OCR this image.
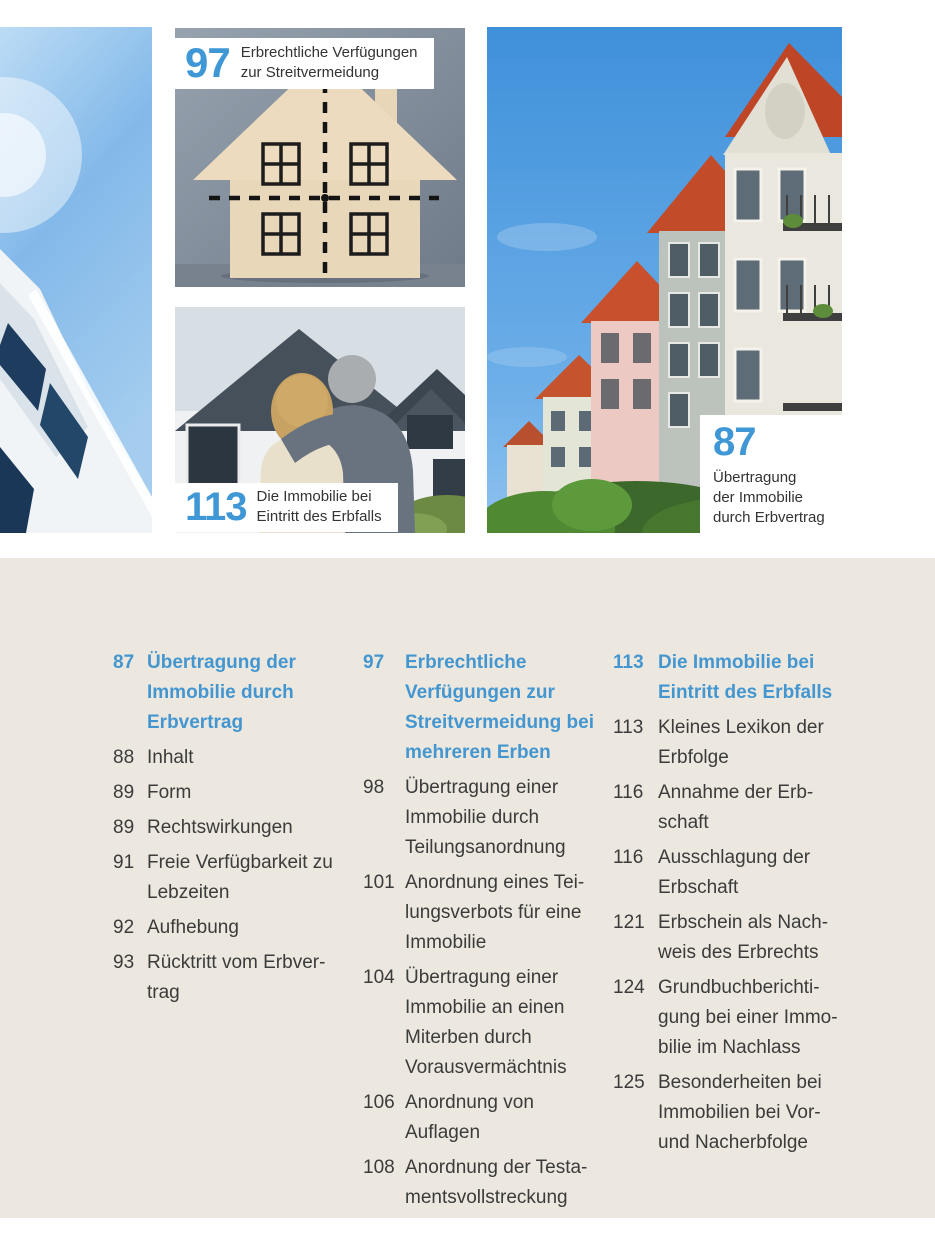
97 Erbrechtliche Verfügungen
zur Streitvermeidung
113 Die Immobilie bei
Eintritt des Erbfalls
87
Übertragung
der Immobilie
durch Erbvertrag
87 Übertragung der
Immobilie durch
Erbvertrag
88 Inhalt
89 Form
89 Rechtswirkungen
91 Freie Verfügbarkeit zu
Lebzeiten
92 Aufhebung
93 Rücktritt vom Erbver-
trag
97	Erbrechtliche
Verfügungen zur
Streitvermeidung bei
mehreren Erben
98	Übertragung einer
Immobilie durch
Teilungsanordnung
101 Anordnung eines Tei-
lungsverbots für eine
Immobilie
104 Übertragung einer
Immobilie an einen
Miterben durch
Vorausvermächtnis
106 Anordnung von
Auflagen
108 Anordnung der Testa-
mentsvollstreckung
113 Die Immobilie bei
Eintritt des Erbfalls
113 Kleines Lexikon der
Erbfolge
116 Annahme der Erb-
schaft
116 Ausschlagung der
Erbschaft
121 Erbschein als Nach-
weis des Erbrechts
124 Grundbuchberichti-
gung bei einer Immo-
bilie im Nachlass
125 Besonderheiten bei
Immobilien bei Vor-
und Nacherbfolge
